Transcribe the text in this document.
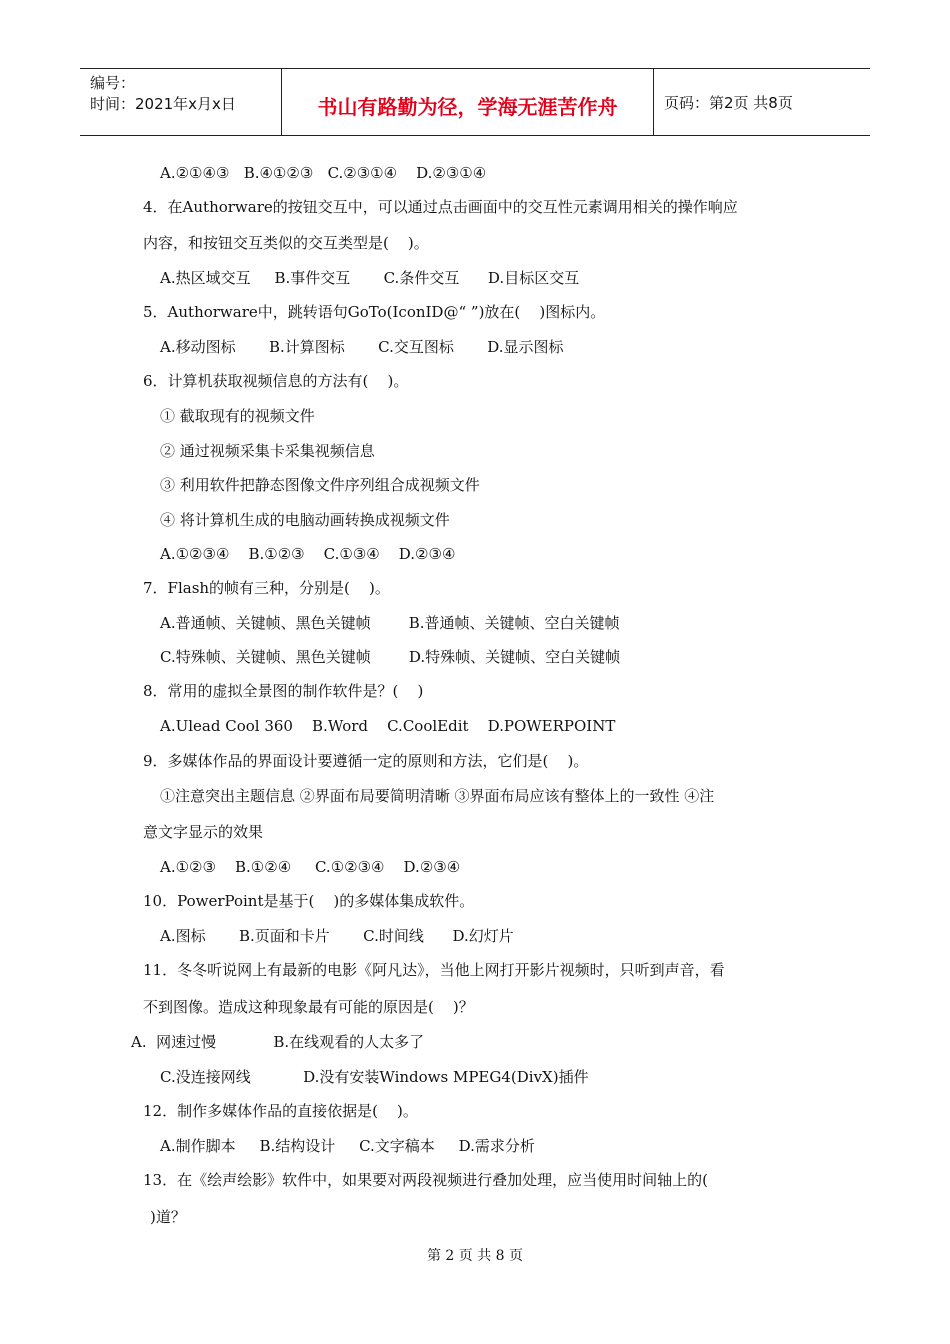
编号：
时间：2021年x月x日	书山有路勤为径，学海无涯苦作舟	页码：第2页 共8页
A.②①④③   B.④①②③   C.②③①④    D.②③①④
4．在Authorware的按钮交互中，可以通过点击画面中的交互性元素调用相关的操作响应
内容，和按钮交互类似的交互类型是(    )。
A.热区域交互     B.事件交互       C.条件交互      D.目标区交互
5．Authorware中，跳转语句GoTo(IconID@“ ”)放在(    )图标内。
A.移动图标       B.计算图标       C.交互图标       D.显示图标
6．计算机获取视频信息的方法有(    )。
① 截取现有的视频文件
② 通过视频采集卡采集视频信息
③ 利用软件把静态图像文件序列组合成视频文件
④ 将计算机生成的电脑动画转换成视频文件
A.①②③④    B.①②③    C.①③④    D.②③④
7．Flash的帧有三种，分别是(    )。
A.普通帧、关键帧、黑色关键帧        B.普通帧、关键帧、空白关键帧
C.特殊帧、关键帧、黑色关键帧        D.特殊帧、关键帧、空白关键帧
8．常用的虚拟全景图的制作软件是？(    )
A.Ulead Cool 360    B.Word    C.CoolEdit    D.POWERPOINT
9．多媒体作品的界面设计要遵循一定的原则和方法，它们是(    )。
①注意突出主题信息 ②界面布局要简明清晰 ③界面布局应该有整体上的一致性 ④注
意文字显示的效果
A.①②③    B.①②④     C.①②③④    D.②③④
10．PowerPoint是基于(    )的多媒体集成软件。
A.图标       B.页面和卡片       C.时间线      D.幻灯片
11．冬冬听说网上有最新的电影《阿凡达》，当他上网打开影片视频时，只听到声音，看
不到图像。造成这种现象最有可能的原因是(    )？
A.  网速过慢            B.在线观看的人太多了
C.没连接网线           D.没有安装Windows MPEG4(DivX)插件
12．制作多媒体作品的直接依据是(    )。
A.制作脚本     B.结构设计     C.文字稿本     D.需求分析
13．在《绘声绘影》软件中，如果要对两段视频进行叠加处理，应当使用时间轴上的(
)道？
第 2 页 共 8 页
